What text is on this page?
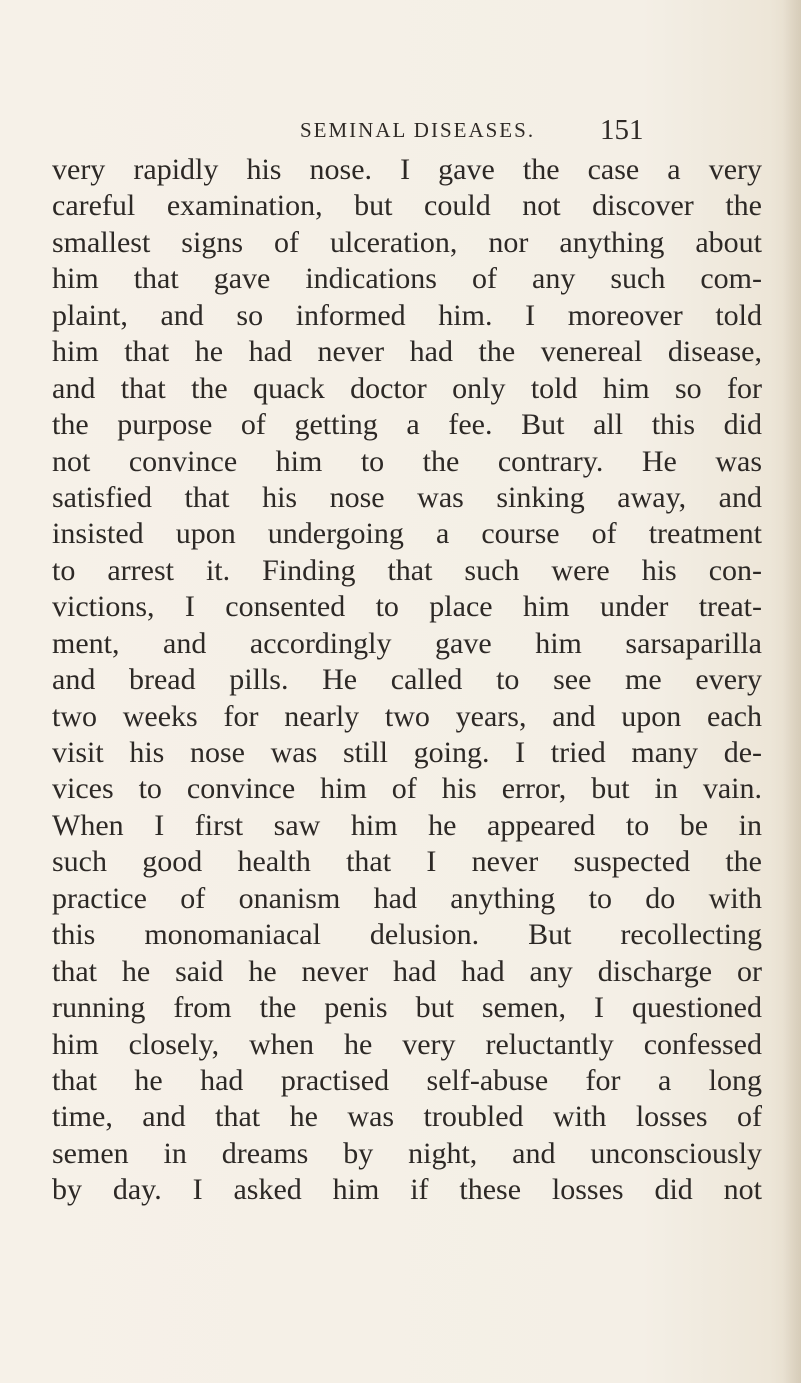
SEMINAL DISEASES. 151
very rapidly his nose. I gave the case a very
careful examination, but could not discover the
smallest signs of ulceration, nor anything about
him that gave indications of any such com-
plaint, and so informed him. I moreover told
him that he had never had the venereal disease,
and that the quack doctor only told him so for
the purpose of getting a fee. But all this did
not convince him to the contrary. He was
satisfied that his nose was sinking away, and
insisted upon undergoing a course of treatment
to arrest it. Finding that such were his con-
victions, I consented to place him under treat-
ment, and accordingly gave him sarsaparilla
and bread pills. He called to see me every
two weeks for nearly two years, and upon each
visit his nose was still going. I tried many de-
vices to convince him of his error, but in vain.
When I first saw him he appeared to be in
such good health that I never suspected the
practice of onanism had anything to do with
this monomaniacal delusion. But recollecting
that he said he never had had any discharge or
running from the penis but semen, I questioned
him closely, when he very reluctantly confessed
that he had practised self-abuse for a long
time, and that he was troubled with losses of
semen in dreams by night, and unconsciously
by day. I asked him if these losses did not
